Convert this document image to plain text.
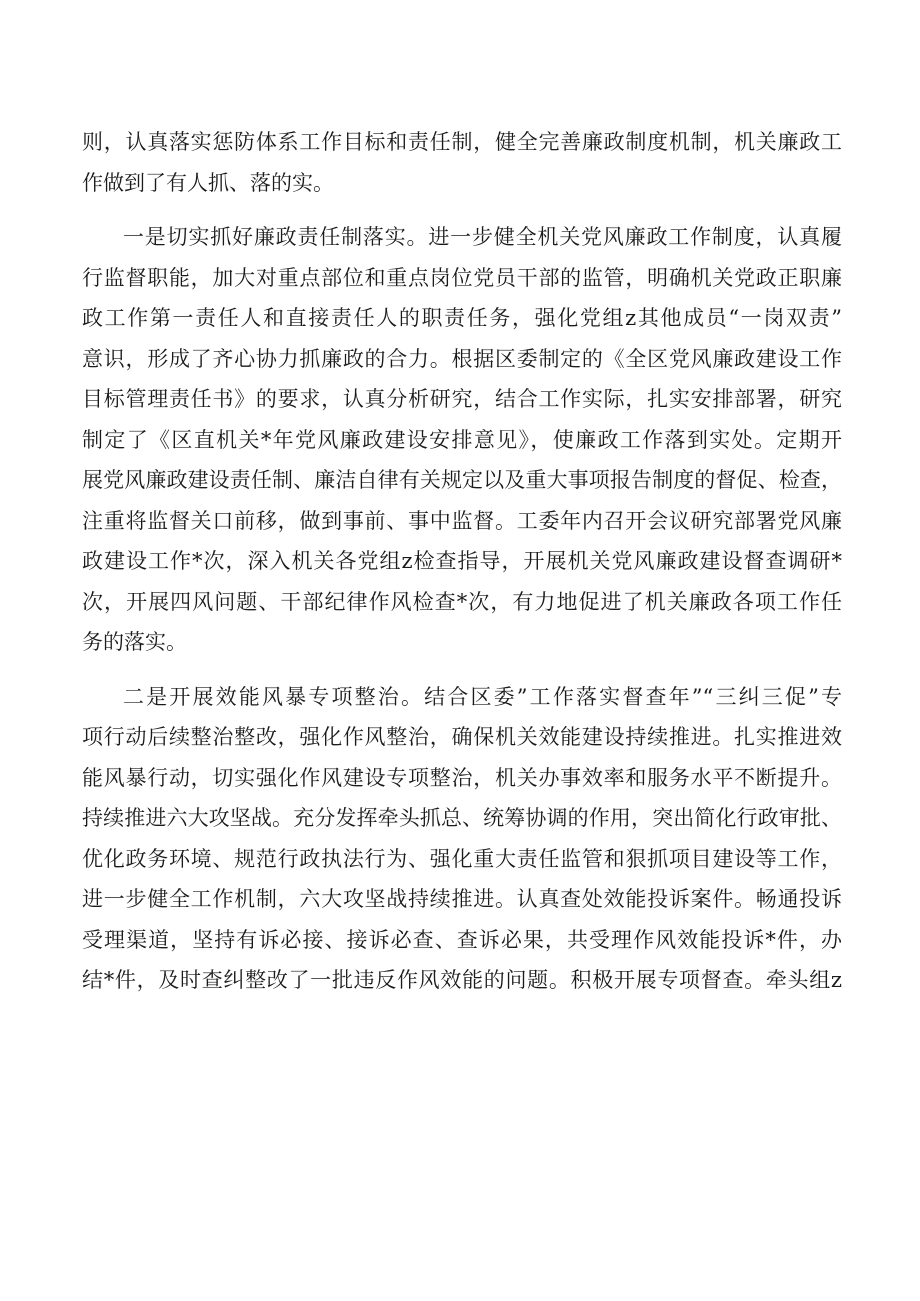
则，认真落实惩防体系工作目标和责任制，健全完善廉政制度机制，机关廉政工
作做到了有人抓、落的实。
一是切实抓好廉政责任制落实。进一步健全机关党风廉政工作制度，认真履
行监督职能，加大对重点部位和重点岗位党员干部的监管，明确机关党政正职廉
政工作第一责任人和直接责任人的职责任务，强化党组z其他成员“一岗双责”
意识，形成了齐心协力抓廉政的合力。根据区委制定的《全区党风廉政建设工作
目标管理责任书》的要求，认真分析研究，结合工作实际，扎实安排部署，研究
制定了《区直机关*年党风廉政建设安排意见》，使廉政工作落到实处。定期开
展党风廉政建设责任制、廉洁自律有关规定以及重大事项报告制度的督促、检查，
注重将监督关口前移，做到事前、事中监督。工委年内召开会议研究部署党风廉
政建设工作*次，深入机关各党组z检查指导，开展机关党风廉政建设督查调研*
次，开展四风问题、干部纪律作风检查*次，有力地促进了机关廉政各项工作任
务的落实。
二是开展效能风暴专项整治。结合区委”工作落实督查年”“三纠三促”专
项行动后续整治整改，强化作风整治，确保机关效能建设持续推进。扎实推进效
能风暴行动，切实强化作风建设专项整治，机关办事效率和服务水平不断提升。
持续推进六大攻坚战。充分发挥牵头抓总、统筹协调的作用，突出简化行政审批、
优化政务环境、规范行政执法行为、强化重大责任监管和狠抓项目建设等工作，
进一步健全工作机制，六大攻坚战持续推进。认真查处效能投诉案件。畅通投诉
受理渠道，坚持有诉必接、接诉必查、查诉必果，共受理作风效能投诉*件，办
结*件，及时查纠整改了一批违反作风效能的问题。积极开展专项督查。牵头组z
